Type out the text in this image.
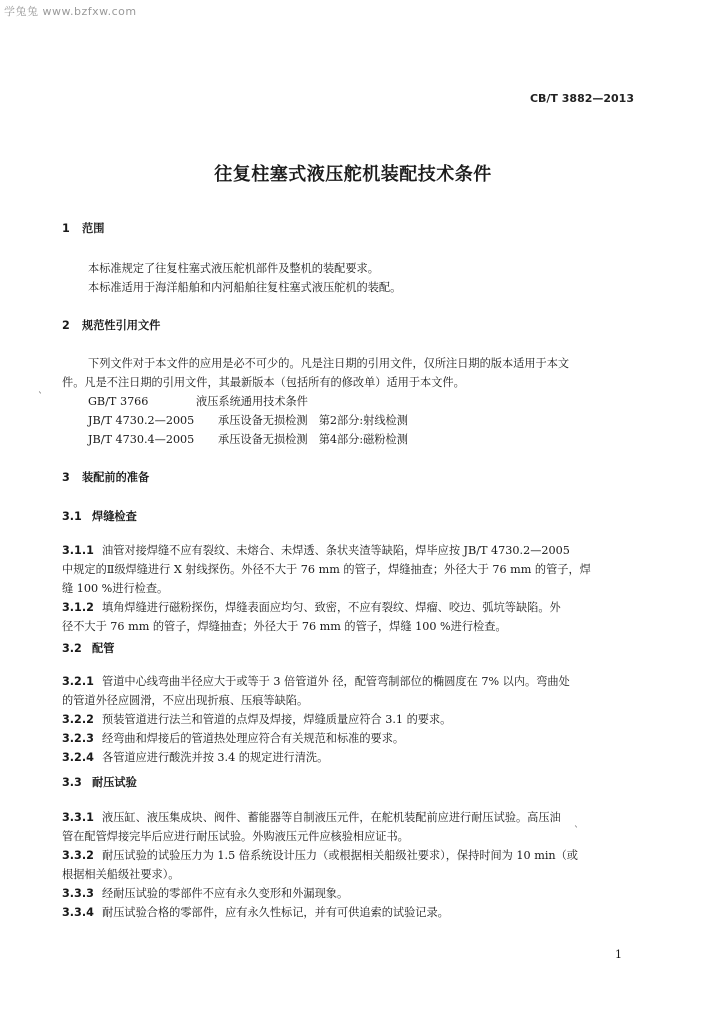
学兔兔 www.bzfxw.com
CB/T 3882—2013
往复柱塞式液压舵机装配技术条件
1 范围
本标准规定了往复柱塞式液压舵机部件及整机的装配要求。
本标准适用于海洋船舶和内河船舶往复柱塞式液压舵机的装配。
2 规范性引用文件
下列文件对于本文件的应用是必不可少的。凡是注日期的引用文件，仅所注日期的版本适用于本文
件。凡是不注日期的引用文件，其最新版本（包括所有的修改单）适用于本文件。
`	GB/T 3766	液压系统通用技术条件
JB/T 4730.2—2005 承压设备无损检测　第2部分:射线检测
JB/T 4730.4—2005 承压设备无损检测　第4部分:磁粉检测
3 装配前的准备
3.1 焊缝检查
3.1.1 油管对接焊缝不应有裂纹、未熔合、未焊透、条状夹渣等缺陷，焊毕应按 JB/T 4730.2—2005
中规定的Ⅱ级焊缝进行 X 射线探伤。外径不大于 76 mm 的管子，焊缝抽查；外径大于 76 mm 的管子，焊
缝 100 %进行检查。
3.1.2 填角焊缝进行磁粉探伤，焊缝表面应均匀、致密，不应有裂纹、焊瘤、咬边、弧坑等缺陷。外
径不大于 76 mm 的管子，焊缝抽查；外径大于 76 mm 的管子，焊缝 100 %进行检查。
3.2 配管
3.2.1 管道中心线弯曲半径应大于或等于 3 倍管道外 径，配管弯制部位的椭圆度在 7% 以内。弯曲处
的管道外径应圆滑，不应出现折痕、压痕等缺陷。
3.2.2 预装管道进行法兰和管道的点焊及焊接，焊缝质量应符合 3.1 的要求。
3.2.3 经弯曲和焊接后的管道热处理应符合有关规范和标准的要求。
3.2.4 各管道应进行酸洗并按 3.4 的规定进行清洗。
3.3 耐压试验
3.3.1 液压缸、液压集成块、阀件、蓄能器等自制液压元件，在舵机装配前应进行耐压试验。高压油
管在配管焊接完毕后应进行耐压试验。外购液压元件应核验相应证书。	`
3.3.2 耐压试验的试验压力为 1.5 倍系统设计压力（或根据相关船级社要求），保持时间为 10 min（或
根据相关船级社要求）。
3.3.3 经耐压试验的零部件不应有永久变形和外漏现象。
3.3.4 耐压试验合格的零部件，应有永久性标记，并有可供追索的试验记录。
1
